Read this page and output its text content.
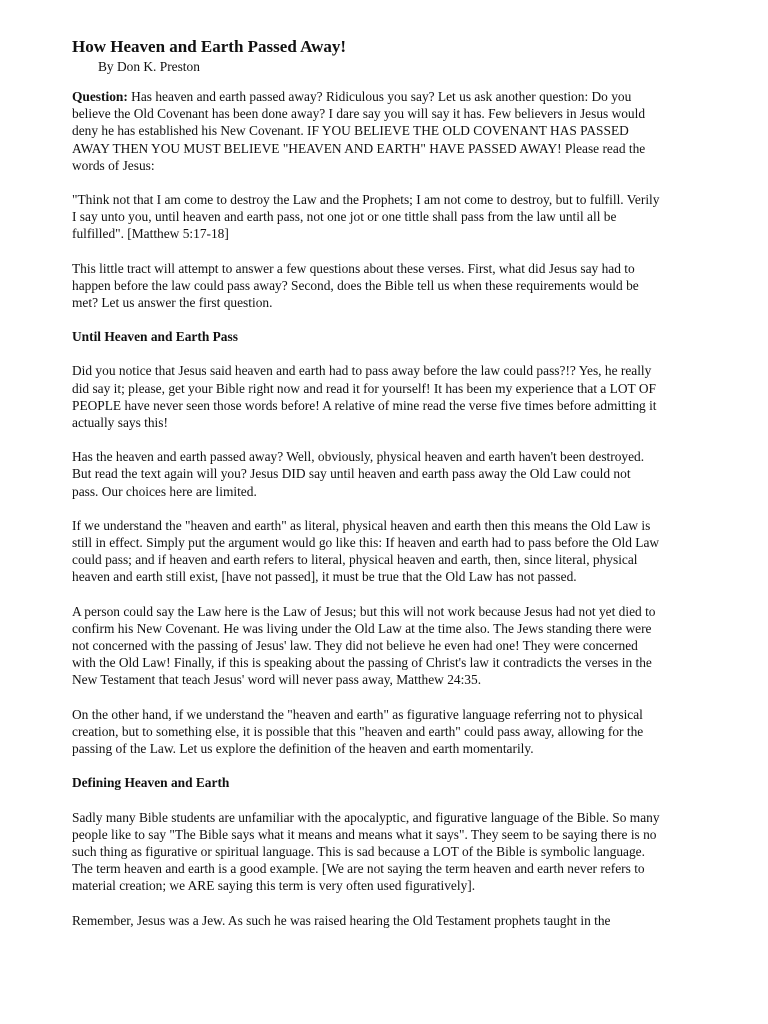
How Heaven and Earth Passed Away!

By Don K. Preston

Question: Has heaven and earth passed away? Ridiculous you say? Let us ask another question: Do you
believe the Old Covenant has been done away? I dare say you will say it has. Few believers in Jesus would
deny he has established his New Covenant. IF YOU BELIEVE THE OLD COVENANT HAS PASSED
AWAY THEN YOU MUST BELIEVE "HEAVEN AND EARTH" HAVE PASSED AWAY! Please read the
words of Jesus:

"Think not that I am come to destroy the Law and the Prophets; I am not come to destroy, but to fulfill. Verily
I say unto you, until heaven and earth pass, not one jot or one tittle shall pass from the law until all be
fulfilled". [Matthew 5:17-18]

This little tract will attempt to answer a few questions about these verses. First, what did Jesus say had to
happen before the law could pass away? Second, does the Bible tell us when these requirements would be
met? Let us answer the first question.

Until Heaven and Earth Pass

Did you notice that Jesus said heaven and earth had to pass away before the law could pass?!? Yes, he really
did say it; please, get your Bible right now and read it for yourself! It has been my experience that a LOT OF
PEOPLE have never seen those words before! A relative of mine read the verse five times before admitting it
actually says this!

Has the heaven and earth passed away? Well, obviously, physical heaven and earth haven't been destroyed.
But read the text again will you? Jesus DID say until heaven and earth pass away the Old Law could not
pass. Our choices here are limited.

If we understand the "heaven and earth" as literal, physical heaven and earth then this means the Old Law is
still in effect. Simply put the argument would go like this: If heaven and earth had to pass before the Old Law
could pass; and if heaven and earth refers to literal, physical heaven and earth, then, since literal, physical
heaven and earth still exist, [have not passed], it must be true that the Old Law has not passed.

A person could say the Law here is the Law of Jesus; but this will not work because Jesus had not yet died to
confirm his New Covenant. He was living under the Old Law at the time also. The Jews standing there were
not concerned with the passing of Jesus' law. They did not believe he even had one! They were concerned
with the Old Law! Finally, if this is speaking about the passing of Christ's law it contradicts the verses in the
New Testament that teach Jesus' word will never pass away, Matthew 24:35.

On the other hand, if we understand the "heaven and earth" as figurative language referring not to physical
creation, but to something else, it is possible that this "heaven and earth" could pass away, allowing for the
passing of the Law. Let us explore the definition of the heaven and earth momentarily.

Defining Heaven and Earth

Sadly many Bible students are unfamiliar with the apocalyptic, and figurative language of the Bible. So many
people like to say "The Bible says what it means and means what it says". They seem to be saying there is no
such thing as figurative or spiritual language. This is sad because a LOT of the Bible is symbolic language.
The term heaven and earth is a good example. [We are not saying the term heaven and earth never refers to
material creation; we ARE saying this term is very often used figuratively].

Remember, Jesus was a Jew. As such he was raised hearing the Old Testament prophets taught in the
